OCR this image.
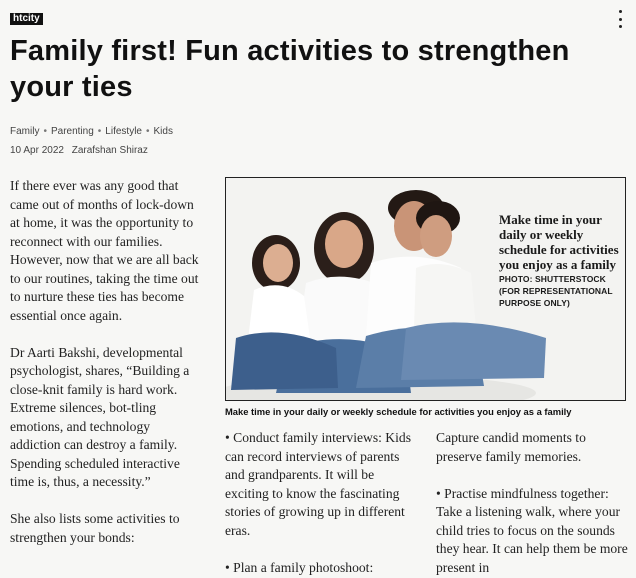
htcity
Family first! Fun activities to strengthen your ties
Family • Parenting • Lifestyle • Kids
10 Apr 2022 Zarafshan Shiraz

If there ever was any good that came out of months of lock-down at home, it was the opportunity to reconnect with our families. However, now that we are all back to our routines, taking the time out to nurture these ties has become essential once again.

Dr Aarti Bakshi, developmental psychologist, shares, “Building a close-knit family is hard work. Extreme silences, bot-tling emotions, and technology addiction can destroy a family. Spending scheduled interactive time is, thus, a necessity.”

She also lists some activities to strengthen your bonds:

Make time in your daily or weekly schedule for activities you enjoy as a family
PHOTO: SHUTTERSTOCK (FOR REPRESENTATIONAL PURPOSE ONLY)
Make time in your daily or weekly schedule for activities you enjoy as a family

• Conduct family interviews: Kids can record interviews of parents and grandparents. It will be exciting to know the fascinating stories of growing up in different eras.

• Plan a family photoshoot:

Capture candid moments to preserve family memories.

• Practise mindfulness together: Take a listening walk, where your child tries to focus on the sounds they hear. It can help them be more present in
